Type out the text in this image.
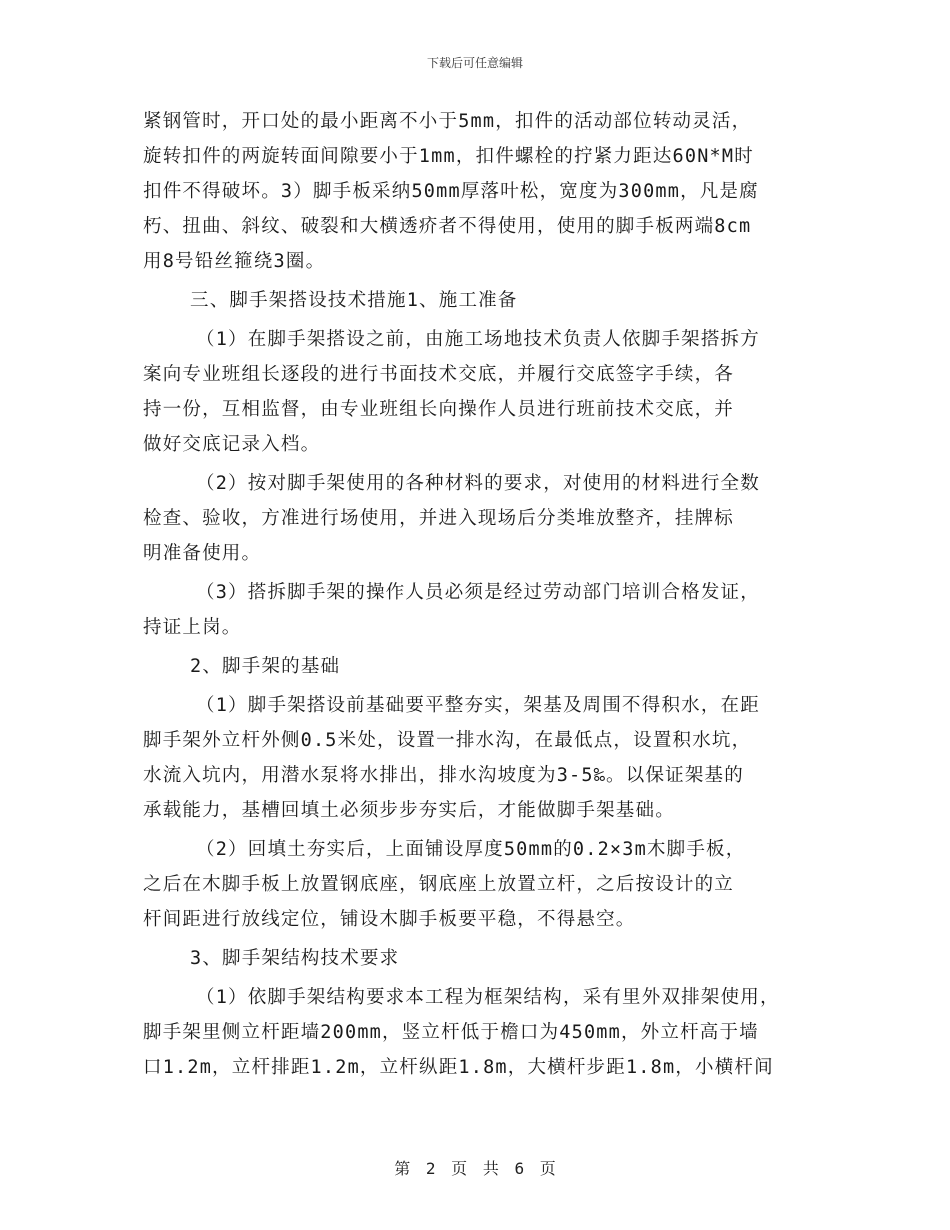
下载后可任意编辑
紧钢管时，开口处的最小距离不小于5mm，扣件的活动部位转动灵活，
旋转扣件的两旋转面间隙要小于1mm，扣件螺栓的拧紧力距达60N*M时
扣件不得破坏。3）脚手板采纳50mm厚落叶松，宽度为300mm，凡是腐
朽、扭曲、斜纹、破裂和大横透疥者不得使用，使用的脚手板两端8cm
用8号铅丝箍绕3圈。
三、脚手架搭设技术措施1、施工准备
（1）在脚手架搭设之前，由施工场地技术负责人依脚手架搭拆方
案向专业班组长逐段的进行书面技术交底，并履行交底签字手续，各
持一份，互相监督，由专业班组长向操作人员进行班前技术交底，并
做好交底记录入档。
（2）按对脚手架使用的各种材料的要求，对使用的材料进行全数
检查、验收，方准进行场使用，并进入现场后分类堆放整齐，挂牌标
明准备使用。
（3）搭拆脚手架的操作人员必须是经过劳动部门培训合格发证，
持证上岗。
2、脚手架的基础
（1）脚手架搭设前基础要平整夯实，架基及周围不得积水，在距
脚手架外立杆外侧0.5米处，设置一排水沟，在最低点，设置积水坑，
水流入坑内，用潜水泵将水排出，排水沟坡度为3-5‰。以保证架基的
承载能力，基槽回填土必须步步夯实后，才能做脚手架基础。
（2）回填土夯实后，上面铺设厚度50mm的0.2×3m木脚手板，
之后在木脚手板上放置钢底座，钢底座上放置立杆，之后按设计的立
杆间距进行放线定位，铺设木脚手板要平稳，不得悬空。
3、脚手架结构技术要求
（1）依脚手架结构要求本工程为框架结构，采有里外双排架使用，
脚手架里侧立杆距墙200mm，竖立杆低于檐口为450mm，外立杆高于墙
口1.2m，立杆排距1.2m，立杆纵距1.8m，大横杆步距1.8m，小横杆间
第 2 页 共 6 页
